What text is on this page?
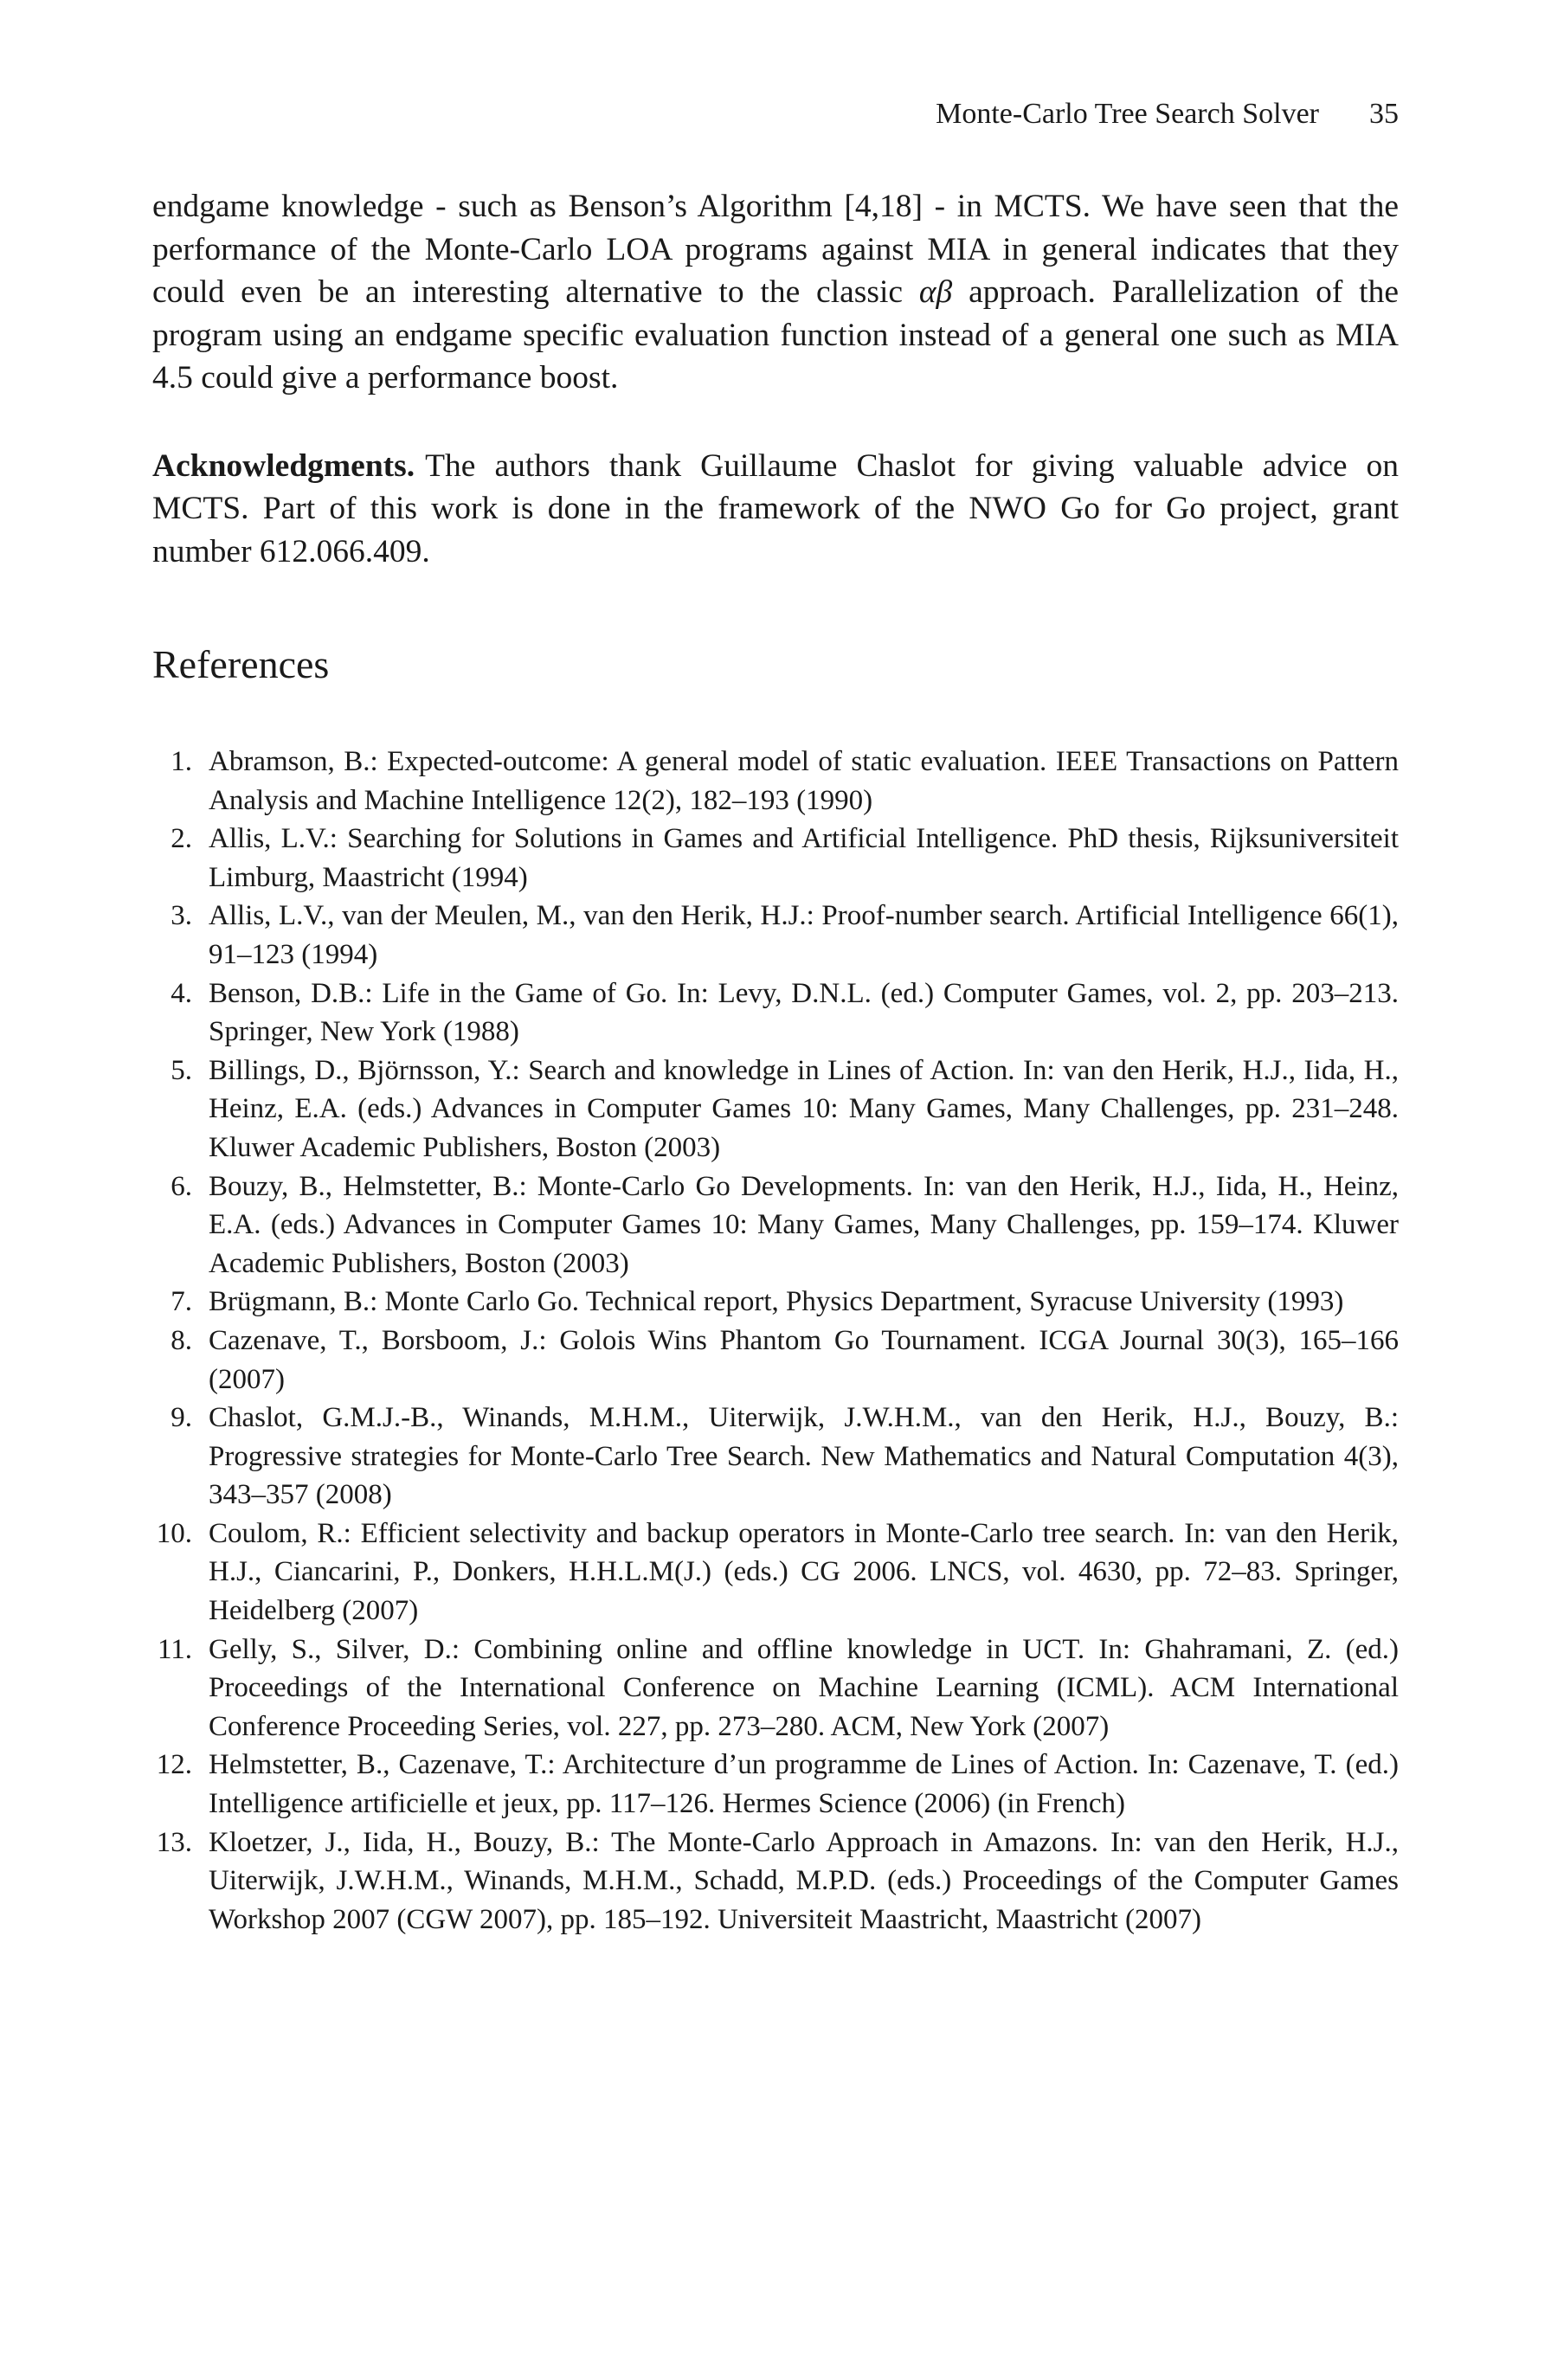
Monte-Carlo Tree Search Solver 35

endgame knowledge - such as Benson’s Algorithm [4,18] - in MCTS. We have seen that the performance of the Monte-Carlo LOA programs against MIA in general indicates that they could even be an interesting alternative to the classic αβ approach. Parallelization of the program using an endgame specific evaluation function instead of a general one such as MIA 4.5 could give a performance boost.

Acknowledgments. The authors thank Guillaume Chaslot for giving valuable advice on MCTS. Part of this work is done in the framework of the NWO Go for Go project, grant number 612.066.409.

References
1. Abramson, B.: Expected-outcome: A general model of static evaluation. IEEE Transactions on Pattern Analysis and Machine Intelligence 12(2), 182–193 (1990)
2. Allis, L.V.: Searching for Solutions in Games and Artificial Intelligence. PhD thesis, Rijksuniversiteit Limburg, Maastricht (1994)
3. Allis, L.V., van der Meulen, M., van den Herik, H.J.: Proof-number search. Artificial Intelligence 66(1), 91–123 (1994)
4. Benson, D.B.: Life in the Game of Go. In: Levy, D.N.L. (ed.) Computer Games, vol. 2, pp. 203–213. Springer, New York (1988)
5. Billings, D., Björnsson, Y.: Search and knowledge in Lines of Action. In: van den Herik, H.J., Iida, H., Heinz, E.A. (eds.) Advances in Computer Games 10: Many Games, Many Challenges, pp. 231–248. Kluwer Academic Publishers, Boston (2003)
6. Bouzy, B., Helmstetter, B.: Monte-Carlo Go Developments. In: van den Herik, H.J., Iida, H., Heinz, E.A. (eds.) Advances in Computer Games 10: Many Games, Many Challenges, pp. 159–174. Kluwer Academic Publishers, Boston (2003)
7. Brügmann, B.: Monte Carlo Go. Technical report, Physics Department, Syracuse University (1993)
8. Cazenave, T., Borsboom, J.: Golois Wins Phantom Go Tournament. ICGA Journal 30(3), 165–166 (2007)
9. Chaslot, G.M.J.-B., Winands, M.H.M., Uiterwijk, J.W.H.M., van den Herik, H.J., Bouzy, B.: Progressive strategies for Monte-Carlo Tree Search. New Mathematics and Natural Computation 4(3), 343–357 (2008)
10. Coulom, R.: Efficient selectivity and backup operators in Monte-Carlo tree search. In: van den Herik, H.J., Ciancarini, P., Donkers, H.H.L.M(J.) (eds.) CG 2006. LNCS, vol. 4630, pp. 72–83. Springer, Heidelberg (2007)
11. Gelly, S., Silver, D.: Combining online and offline knowledge in UCT. In: Ghahramani, Z. (ed.) Proceedings of the International Conference on Machine Learning (ICML). ACM International Conference Proceeding Series, vol. 227, pp. 273–280. ACM, New York (2007)
12. Helmstetter, B., Cazenave, T.: Architecture d’un programme de Lines of Action. In: Cazenave, T. (ed.) Intelligence artificielle et jeux, pp. 117–126. Hermes Science (2006) (in French)
13. Kloetzer, J., Iida, H., Bouzy, B.: The Monte-Carlo Approach in Amazons. In: van den Herik, H.J., Uiterwijk, J.W.H.M., Winands, M.H.M., Schadd, M.P.D. (eds.) Proceedings of the Computer Games Workshop 2007 (CGW 2007), pp. 185–192. Universiteit Maastricht, Maastricht (2007)
